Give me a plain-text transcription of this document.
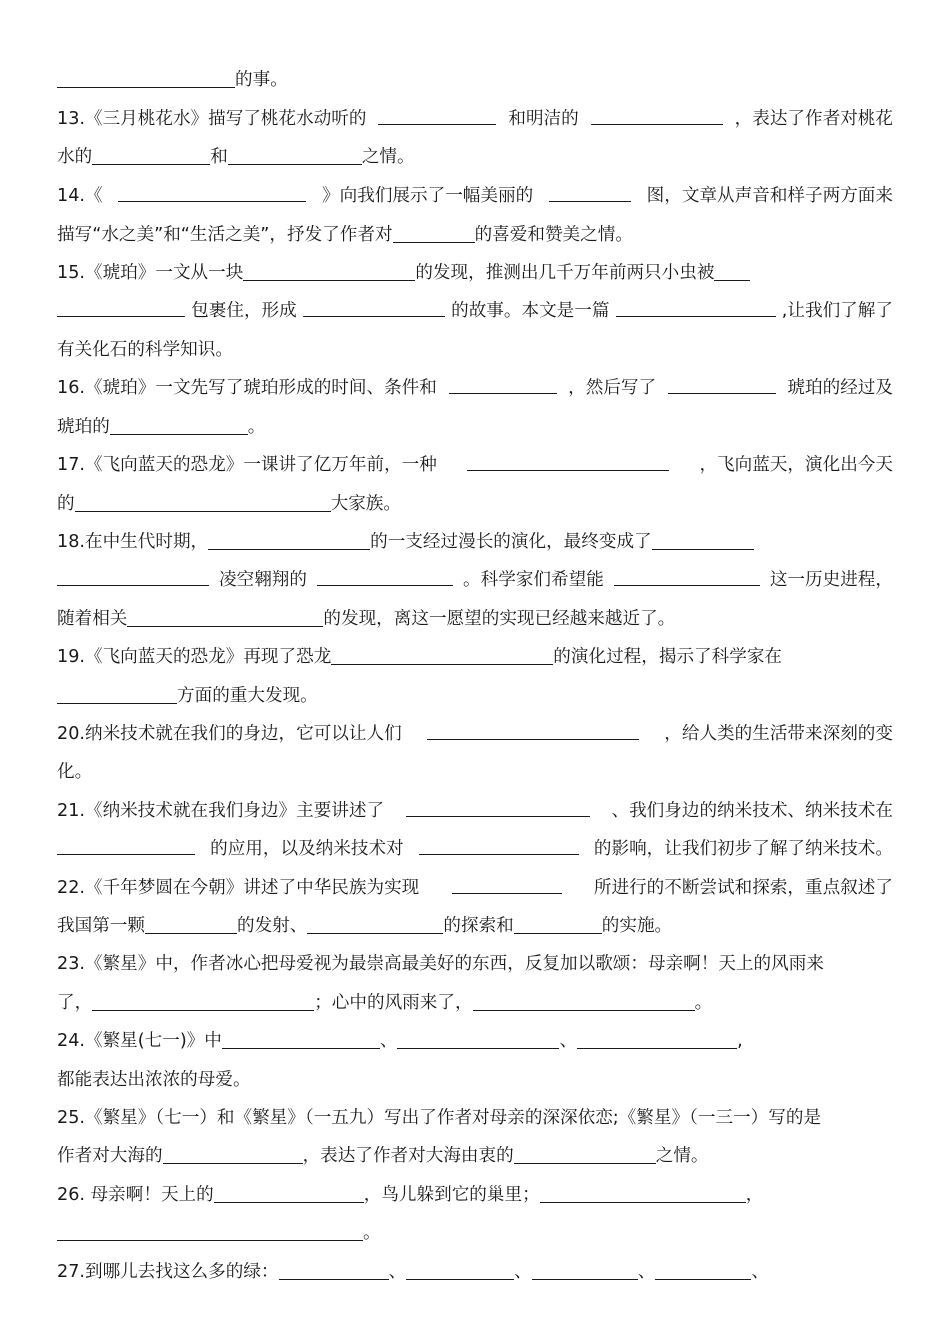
的事。
13.《三月桃花水》描写了桃花水动听的	和明洁的	，表达了作者对桃花
水的	和	之情。
14.《	》向我们展示了一幅美丽的	图，文章从声音和样子两方面来
描写“水之美”和“生活之美”，抒发了作者对	的喜爱和赞美之情。
15.《琥珀》一文从一块	的发现，推测出几千万年前两只小虫被
包裹住，形成	的故事。本文是一篇	,让我们了解了
有关化石的科学知识。
16.《琥珀》一文先写了琥珀形成的时间、条件和	，然后写了	琥珀的经过及
琥珀的	。
17.《飞向蓝天的恐龙》一课讲了亿万年前，一种	，飞向蓝天，演化出今天
的	大家族。
18.在中生代时期，	的一支经过漫长的演化，最终变成了
凌空翱翔的	。科学家们希望能	这一历史进程，
随着相关	的发现，离这一愿望的实现已经越来越近了。
19.《飞向蓝天的恐龙》再现了恐龙	的演化过程，揭示了科学家在
方面的重大发现。
20.纳米技术就在我们的身边，它可以让人们	，给人类的生活带来深刻的变
化。
21.《纳米技术就在我们身边》主要讲述了	、我们身边的纳米技术、纳米技术在
的应用，以及纳米技术对	的影响，让我们初步了解了纳米技术。
22.《千年梦圆在今朝》讲述了中华民族为实现	所进行的不断尝试和探索，重点叙述了
我国第一颗	的发射、	的探索和	的实施。
23.《繁星》中，作者冰心把母爱视为最崇高最美好的东西，反复加以歌颂：母亲啊！天上的风雨来
了，	；心中的风雨来了，	。
24.《繁星(七一)》中	、	、	,
都能表达出浓浓的母爱。
25.《繁星》（七一）和《繁星》（一五九）写出了作者对母亲的深深依恋;《繁星》（一三一）写的是
作者对大海的	，表达了作者对大海由衷的	之情。
26. 母亲啊！天上的	，鸟儿躲到它的巢里；	，
。
27.到哪儿去找这么多的绿：	、	、	、	、
